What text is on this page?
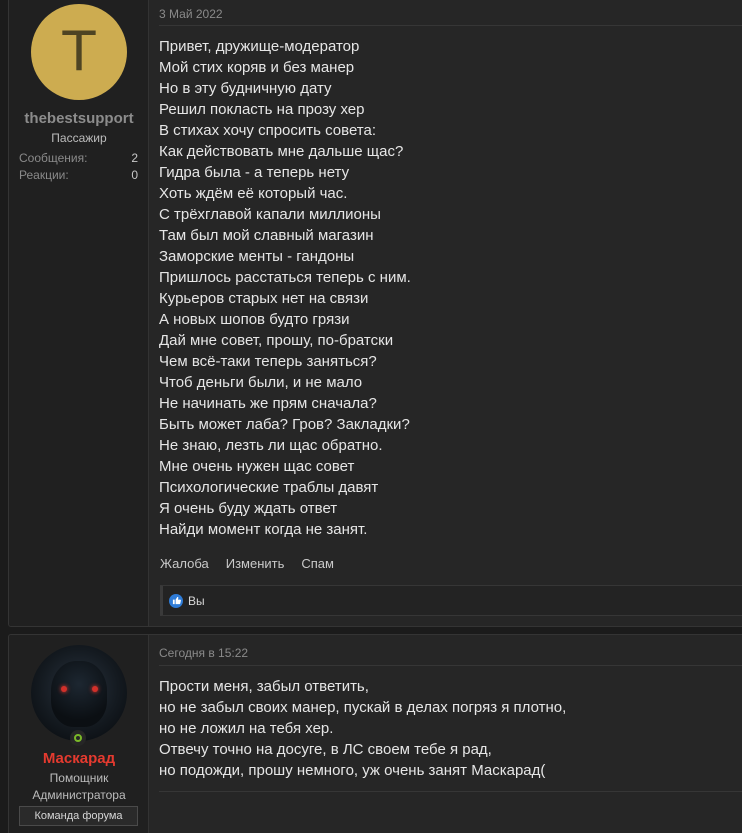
T
thebestsupport
Пассажир
Сообщения:	2
Реакции:	0
3 Май 2022
Привет, дружище-модератор
Мой стих коряв и без манер
Но в эту будничную дату
Решил покласть на прозу хер
В стихах хочу спросить совета:
Как действовать мне дальше щас?
Гидра была - а теперь нету
Хоть ждём её который час.
С трёхглавой капали миллионы
Там был мой славный магазин
Заморские менты - гандоны
Пришлось расстаться теперь с ним.
Курьеров старых нет на связи
А новых шопов будто грязи
Дай мне совет, прошу, по-братски
Чем всё-таки теперь заняться?
Чтоб деньги были, и не мало
Не начинать же прям сначала?
Быть может лаба? Гров? Закладки?
Не знаю, лезть ли щас обратно.
Мне очень нужен щас совет
Психологические траблы давят
Я очень буду ждать ответ
Найди момент когда не занят.
Жалоба Изменить Спам
Вы
Маскарад
Помощник
Администратора
Команда форума
Сегодня в 15:22
Прости меня, забыл ответить,
но не забыл своих манер, пускай в делах погряз я плотно,
но не ложил на тебя хер.
Отвечу точно на досуге, в ЛС своем тебе я рад,
но подожди, прошу немного, уж очень занят Маскарад(
